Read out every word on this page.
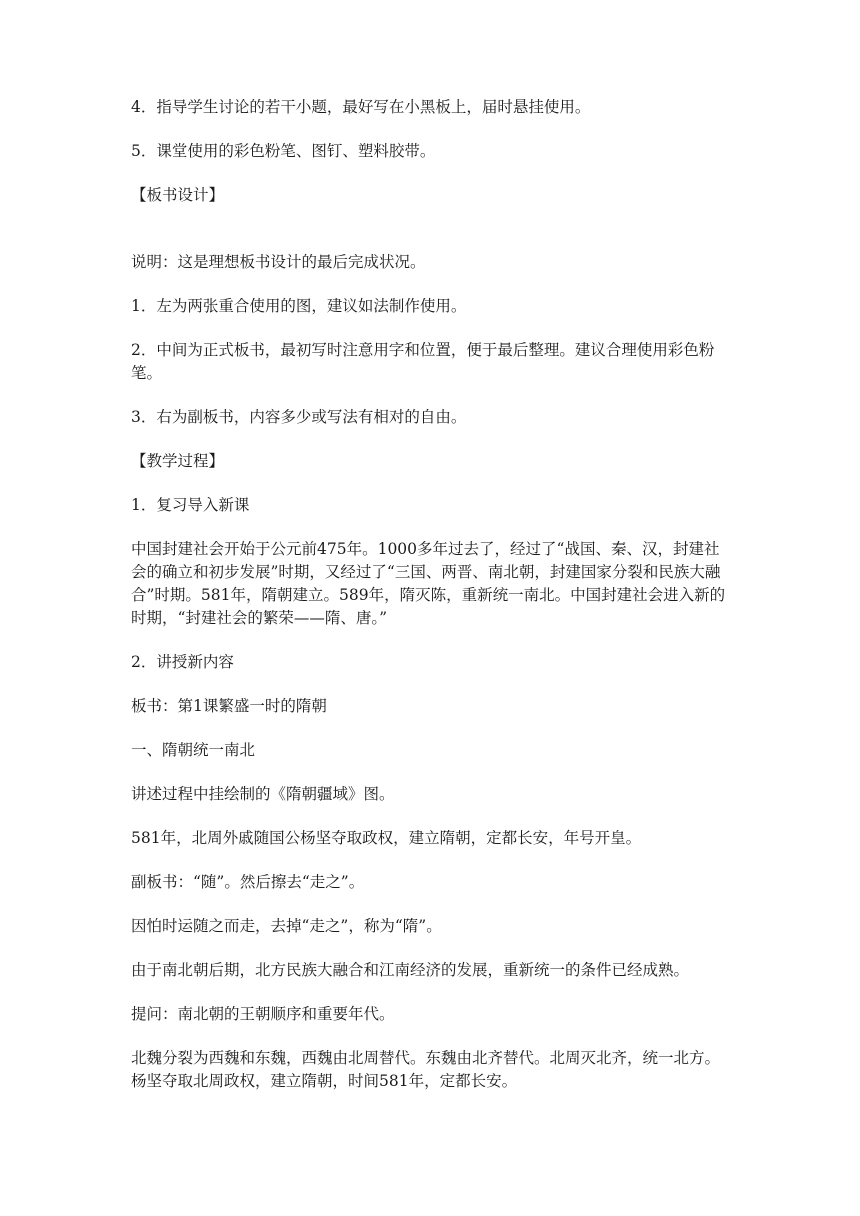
4．指导学生讨论的若干小题，最好写在小黑板上，届时悬挂使用。

5．课堂使用的彩色粉笔、图钉、塑料胶带。

【板书设计】

说明：这是理想板书设计的最后完成状况。

1．左为两张重合使用的图，建议如法制作使用。

2．中间为正式板书，最初写时注意用字和位置，便于最后整理。建议合理使用彩色粉笔。

3．右为副板书，内容多少或写法有相对的自由。

【教学过程】

1．复习导入新课

中国封建社会开始于公元前475年。1000多年过去了，经过了“战国、秦、汉，封建社会的确立和初步发展”时期，又经过了“三国、两晋、南北朝，封建国家分裂和民族大融合”时期。581年，隋朝建立。589年，隋灭陈，重新统一南北。中国封建社会进入新的时期，“封建社会的繁荣——隋、唐。”

2．讲授新内容

板书：第1课繁盛一时的隋朝

一、隋朝统一南北

讲述过程中挂绘制的《隋朝疆域》图。

581年，北周外戚随国公杨坚夺取政权，建立隋朝，定都长安，年号开皇。

副板书：“随”。然后擦去“走之”。

因怕时运随之而走，去掉“走之”，称为“隋”。

由于南北朝后期，北方民族大融合和江南经济的发展，重新统一的条件已经成熟。

提问：南北朝的王朝顺序和重要年代。

北魏分裂为西魏和东魏，西魏由北周替代。东魏由北齐替代。北周灭北齐，统一北方。杨坚夺取北周政权，建立隋朝，时间581年，定都长安。
